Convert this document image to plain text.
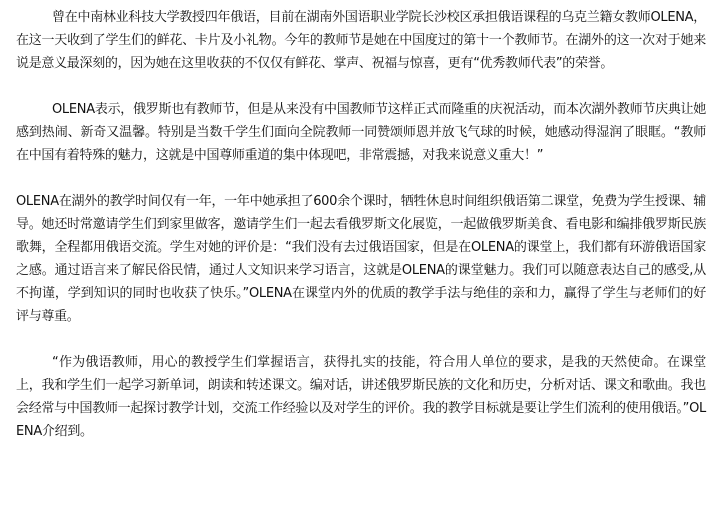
曾在中南林业科技大学教授四年俄语，目前在湖南外国语职业学院长沙校区承担俄语课程的乌克兰籍女教师OLENA，在这一天收到了学生们的鲜花、卡片及小礼物。今年的教师节是她在中国度过的第十一个教师节。在湖外的这一次对于她来说是意义最深刻的，因为她在这里收获的不仅仅有鲜花、掌声、祝福与惊喜，更有“优秀教师代表”的荣誉。

OLENA表示，俄罗斯也有教师节，但是从来没有中国教师节这样正式而隆重的庆祝活动，而本次湖外教师节庆典让她感到热闹、新奇又温馨。特别是当数千学生们面向全院教师一同赞颂师恩并放飞气球的时候，她感动得湿润了眼眶。“教师在中国有着特殊的魅力，这就是中国尊师重道的集中体现吧，非常震撼，对我来说意义重大！”

OLENA在湖外的教学时间仅有一年，一年中她承担了600余个课时，牺牲休息时间组织俄语第二课堂，免费为学生授课、辅导。她还时常邀请学生们到家里做客，邀请学生们一起去看俄罗斯文化展览，一起做俄罗斯美食、看电影和编排俄罗斯民族歌舞，全程都用俄语交流。学生对她的评价是：“我们没有去过俄语国家，但是在OLENA的课堂上，我们都有环游俄语国家之感。通过语言来了解民俗民情，通过人文知识来学习语言，这就是OLENA的课堂魅力。我们可以随意表达自己的感受,从不拘谨，学到知识的同时也收获了快乐。”OLENA在课堂内外的优质的教学手法与绝佳的亲和力，赢得了学生与老师们的好评与尊重。

“作为俄语教师，用心的教授学生们掌握语言，获得扎实的技能，符合用人单位的要求，是我的天然使命。在课堂上，我和学生们一起学习新单词，朗读和转述课文。编对话，讲述俄罗斯民族的文化和历史，分析对话、课文和歌曲。我也会经常与中国教师一起探讨教学计划，交流工作经验以及对学生的评价。我的教学目标就是要让学生们流利的使用俄语。”OLENA介绍到。
